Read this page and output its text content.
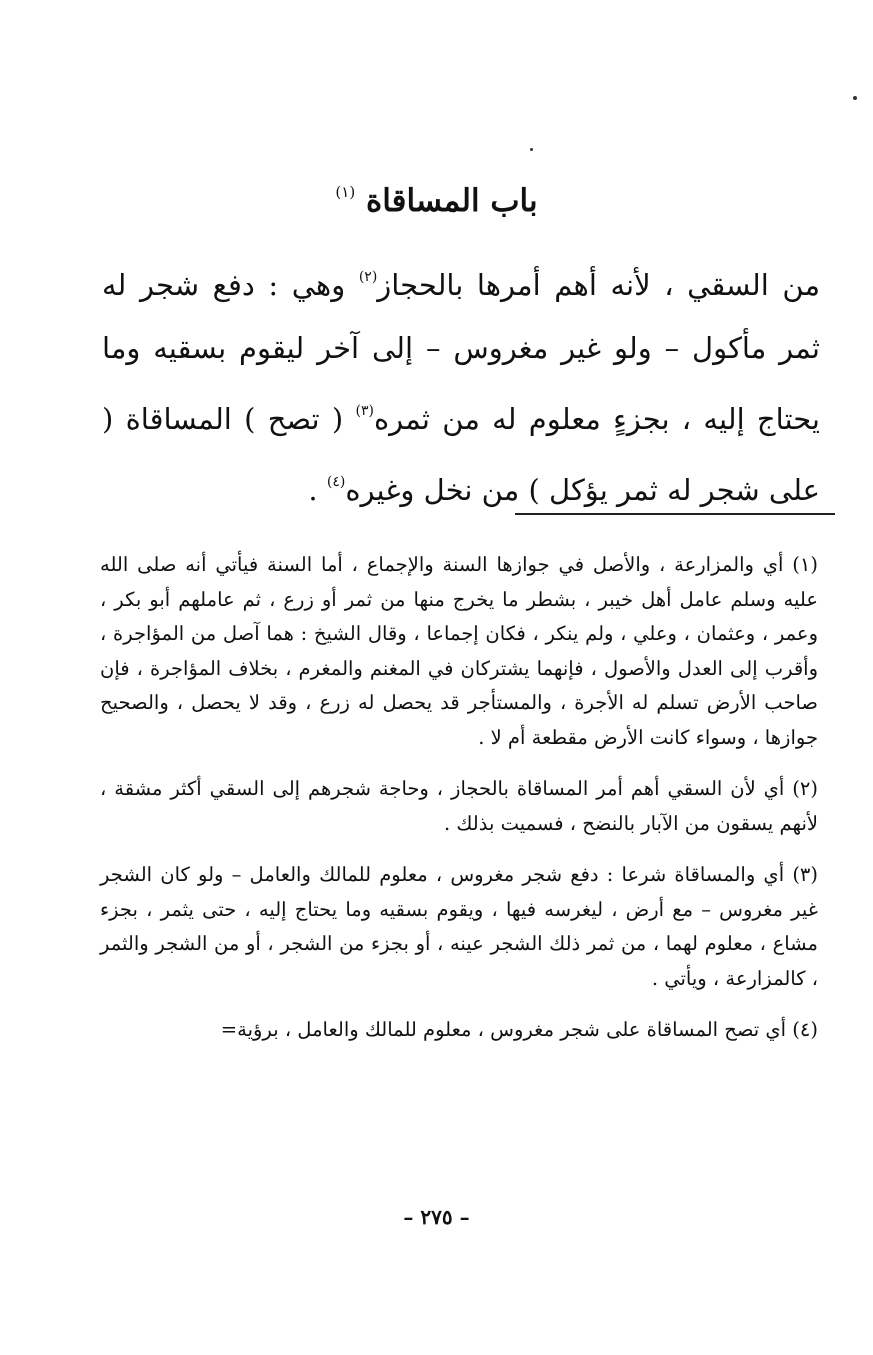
باب المساقاة $^{(١)}$

من السقي ، لأنه أهم أمرها بالحجاز$^{(٢)}$ وهي : دفع شجر له ثمر مأكول – ولو غير مغروس – إلى آخر ليقوم بسقيه وما يحتاج إليه ، بجزءٍ معلوم له من ثمره$^{(٣)}$ ( تصح ) المساقاة ( على شجر له ثمر يؤكل ) من نخل وغيره$^{(٤)}$ .

(١) أي والمزارعة ، والأصل في جوازها السنة والإجماع ، أما السنة فيأتي أنه صلى الله عليه وسلم عامل أهل خيبر ، بشطر ما يخرج منها من ثمر أو زرع ، ثم عاملهم أبو بكر ، وعمر ، وعثمان ، وعلي ، ولم ينكر ، فكان إجماعا ، وقال الشيخ : هما آصل من المؤاجرة ، وأقرب إلى العدل والأصول ، فإنهما يشتركان في المغنم والمغرم ، بخلاف المؤاجرة ، فإن صاحب الأرض تسلم له الأجرة ، والمستأجر قد يحصل له زرع ، وقد لا يحصل ، والصحيح جوازها ، وسواء كانت الأرض مقطعة أم لا .

(٢) أي لأن السقي أهم أمر المساقاة بالحجاز ، وحاجة شجرهم إلى السقي أكثر مشقة ، لأنهم يسقون من الآبار بالنضح ، فسميت بذلك .

(٣) أي والمساقاة شرعا : دفع شجر مغروس ، معلوم للمالك والعامل – ولو كان الشجر غير مغروس – مع أرض ، ليغرسه فيها ، ويقوم بسقيه وما يحتاج إليه ، حتى يثمر ، بجزء مشاع ، معلوم لهما ، من ثمر ذلك الشجر عينه ، أو بجزء من الشجر ، أو من الشجر والثمر ، كالمزارعة ، ويأتي .

(٤) أي تصح المساقاة على شجر مغروس ، معلوم للمالك والعامل ، برؤية=

– ٢٧٥ –
